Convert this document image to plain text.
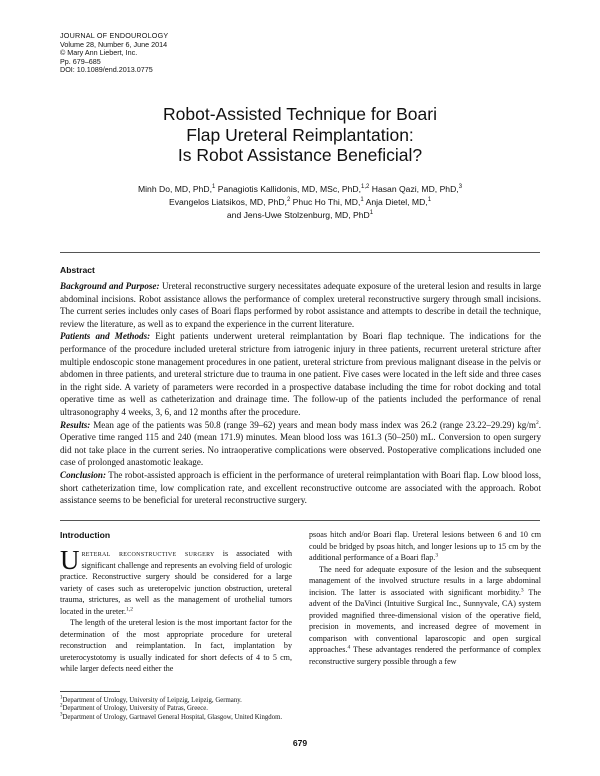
JOURNAL OF ENDOUROLOGY
Volume 28, Number 6, June 2014
© Mary Ann Liebert, Inc.
Pp. 679–685
DOI: 10.1089/end.2013.0775
Robot-Assisted Technique for Boari
Flap Ureteral Reimplantation:
Is Robot Assistance Beneficial?
Minh Do, MD, PhD,$^1$ Panagiotis Kallidonis, MD, MSc, PhD,$^{1,2}$ Hasan Qazi, MD, PhD,$^3$
Evangelos Liatsikos, MD, PhD,$^2$ Phuc Ho Thi, MD,$^1$ Anja Dietel, MD,$^1$
and Jens-Uwe Stolzenburg, MD, PhD$^1$
Abstract

Background and Purpose: Ureteral reconstructive surgery necessitates adequate exposure of the ureteral lesion and results in large abdominal incisions. Robot assistance allows the performance of complex ureteral reconstructive surgery through small incisions. The current series includes only cases of Boari flaps performed by robot assistance and attempts to describe in detail the technique, review the literature, as well as to expand the experience in the current literature.

Patients and Methods: Eight patients underwent ureteral reimplantation by Boari flap technique. The indications for the performance of the procedure included ureteral stricture from iatrogenic injury in three patients, recurrent ureteral stricture after multiple endoscopic stone management procedures in one patient, ureteral stricture from previous malignant disease in the pelvis or abdomen in three patients, and ureteral stricture due to trauma in one patient. Five cases were located in the left side and three cases in the right side. A variety of parameters were recorded in a prospective database including the time for robot docking and total operative time as well as catheterization and drainage time. The follow-up of the patients included the performance of renal ultrasonography 4 weeks, 3, 6, and 12 months after the procedure.

Results: Mean age of the patients was 50.8 (range 39–62) years and mean body mass index was 26.2 (range 23.22–29.29) kg/m$^2$. Operative time ranged 115 and 240 (mean 171.9) minutes. Mean blood loss was 161.3 (50–250) mL. Conversion to open surgery did not take place in the current series. No intraoperative complications were observed. Postoperative complications included one case of prolonged anastomotic leakage.

Conclusion: The robot-assisted approach is efficient in the performance of ureteral reimplantation with Boari flap. Low blood loss, short catheterization time, low complication rate, and excellent reconstructive outcome are associated with the approach. Robot assistance seems to be beneficial for ureteral reconstructive surgery.

Introduction

Ureteral reconstructive surgery is associated with significant challenge and represents an evolving field of urologic practice. Reconstructive surgery should be considered for a large variety of cases such as ureteropelvic junction obstruction, ureteral trauma, strictures, as well as the management of urothelial tumors located in the ureter.$^{1,2}$

The length of the ureteral lesion is the most important factor for the determination of the most appropriate procedure for ureteral reconstruction and reimplantation. In fact, implantation by ureterocystotomy is usually indicated for short defects of 4 to 5 cm, while larger defects need either the

psoas hitch and/or Boari flap. Ureteral lesions between 6 and 10 cm could be bridged by psoas hitch, and longer lesions up to 15 cm by the additional performance of a Boari flap.$^3$

The need for adequate exposure of the lesion and the subsequent management of the involved structure results in a large abdominal incision. The latter is associated with significant morbidity.$^3$ The advent of the DaVinci (Intuitive Surgical Inc., Sunnyvale, CA) system provided magnified three-dimensional vision of the operative field, precision in movements, and increased degree of movement in comparison with conventional laparoscopic and open surgical approaches.$^4$ These advantages rendered the performance of complex reconstructive surgery possible through a few

$^1$Department of Urology, University of Leipzig, Leipzig, Germany.
$^2$Department of Urology, University of Patras, Greece.
$^3$Department of Urology, Gartnavel General Hospital, Glasgow, United Kingdom.
679
